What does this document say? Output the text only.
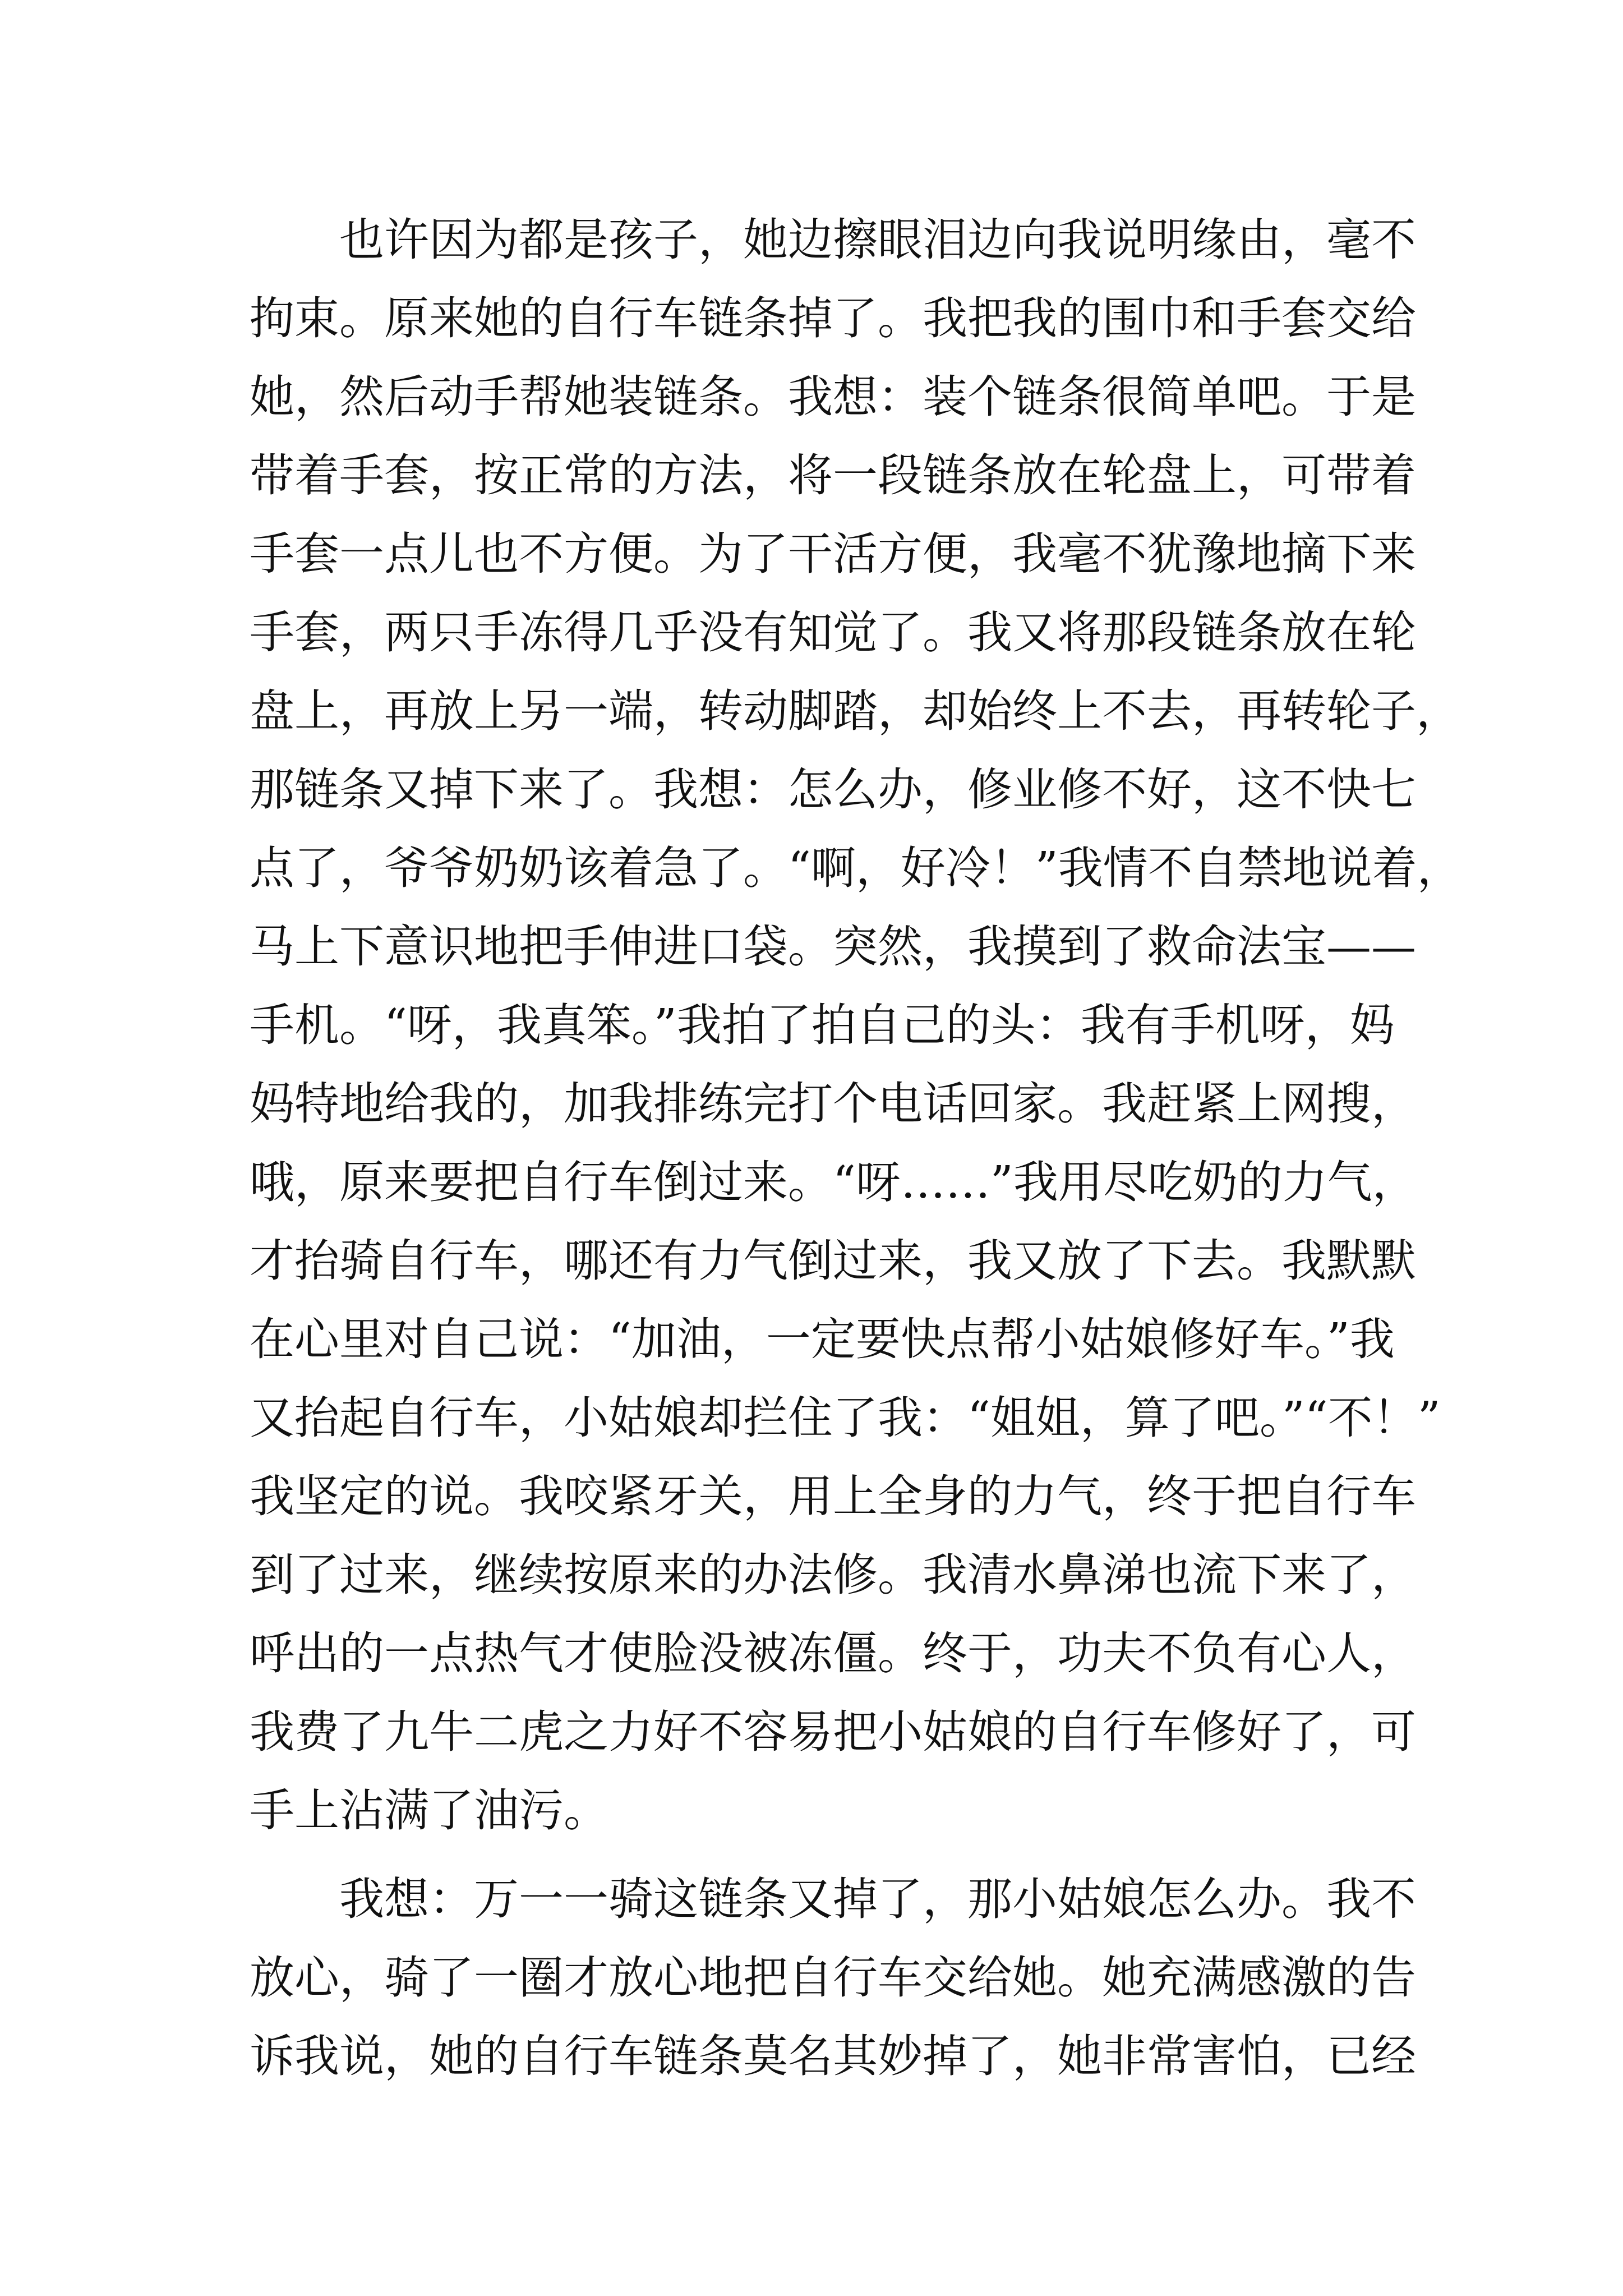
　　也许因为都是孩子，她边擦眼泪边向我说明缘由，毫不
拘束。原来她的自行车链条掉了。我把我的围巾和手套交给
她，然后动手帮她装链条。我想：装个链条很简单吧。于是
带着手套，按正常的方法，将一段链条放在轮盘上，可带着
手套一点儿也不方便。为了干活方便，我毫不犹豫地摘下来
手套，两只手冻得几乎没有知觉了。我又将那段链条放在轮
盘上，再放上另一端，转动脚踏，却始终上不去，再转轮子，
那链条又掉下来了。我想：怎么办，修业修不好，这不快七
点了，爷爷奶奶该着急了。“啊，好冷！”我情不自禁地说着，
马上下意识地把手伸进口袋。突然，我摸到了救命法宝——
手机。“呀，我真笨。”我拍了拍自己的头：我有手机呀，妈
妈特地给我的，加我排练完打个电话回家。我赶紧上网搜，
哦，原来要把自行车倒过来。“呀……”我用尽吃奶的力气，
才抬骑自行车，哪还有力气倒过来，我又放了下去。我默默
在心里对自己说：“加油，一定要快点帮小姑娘修好车。”我
又抬起自行车，小姑娘却拦住了我：“姐姐，算了吧。”“不！”
我坚定的说。我咬紧牙关，用上全身的力气，终于把自行车
到了过来，继续按原来的办法修。我清水鼻涕也流下来了，
呼出的一点热气才使脸没被冻僵。终于，功夫不负有心人，
我费了九牛二虎之力好不容易把小姑娘的自行车修好了，可
手上沾满了油污。
　　我想：万一一骑这链条又掉了，那小姑娘怎么办。我不
放心，骑了一圈才放心地把自行车交给她。她充满感激的告
诉我说，她的自行车链条莫名其妙掉了，她非常害怕，已经
